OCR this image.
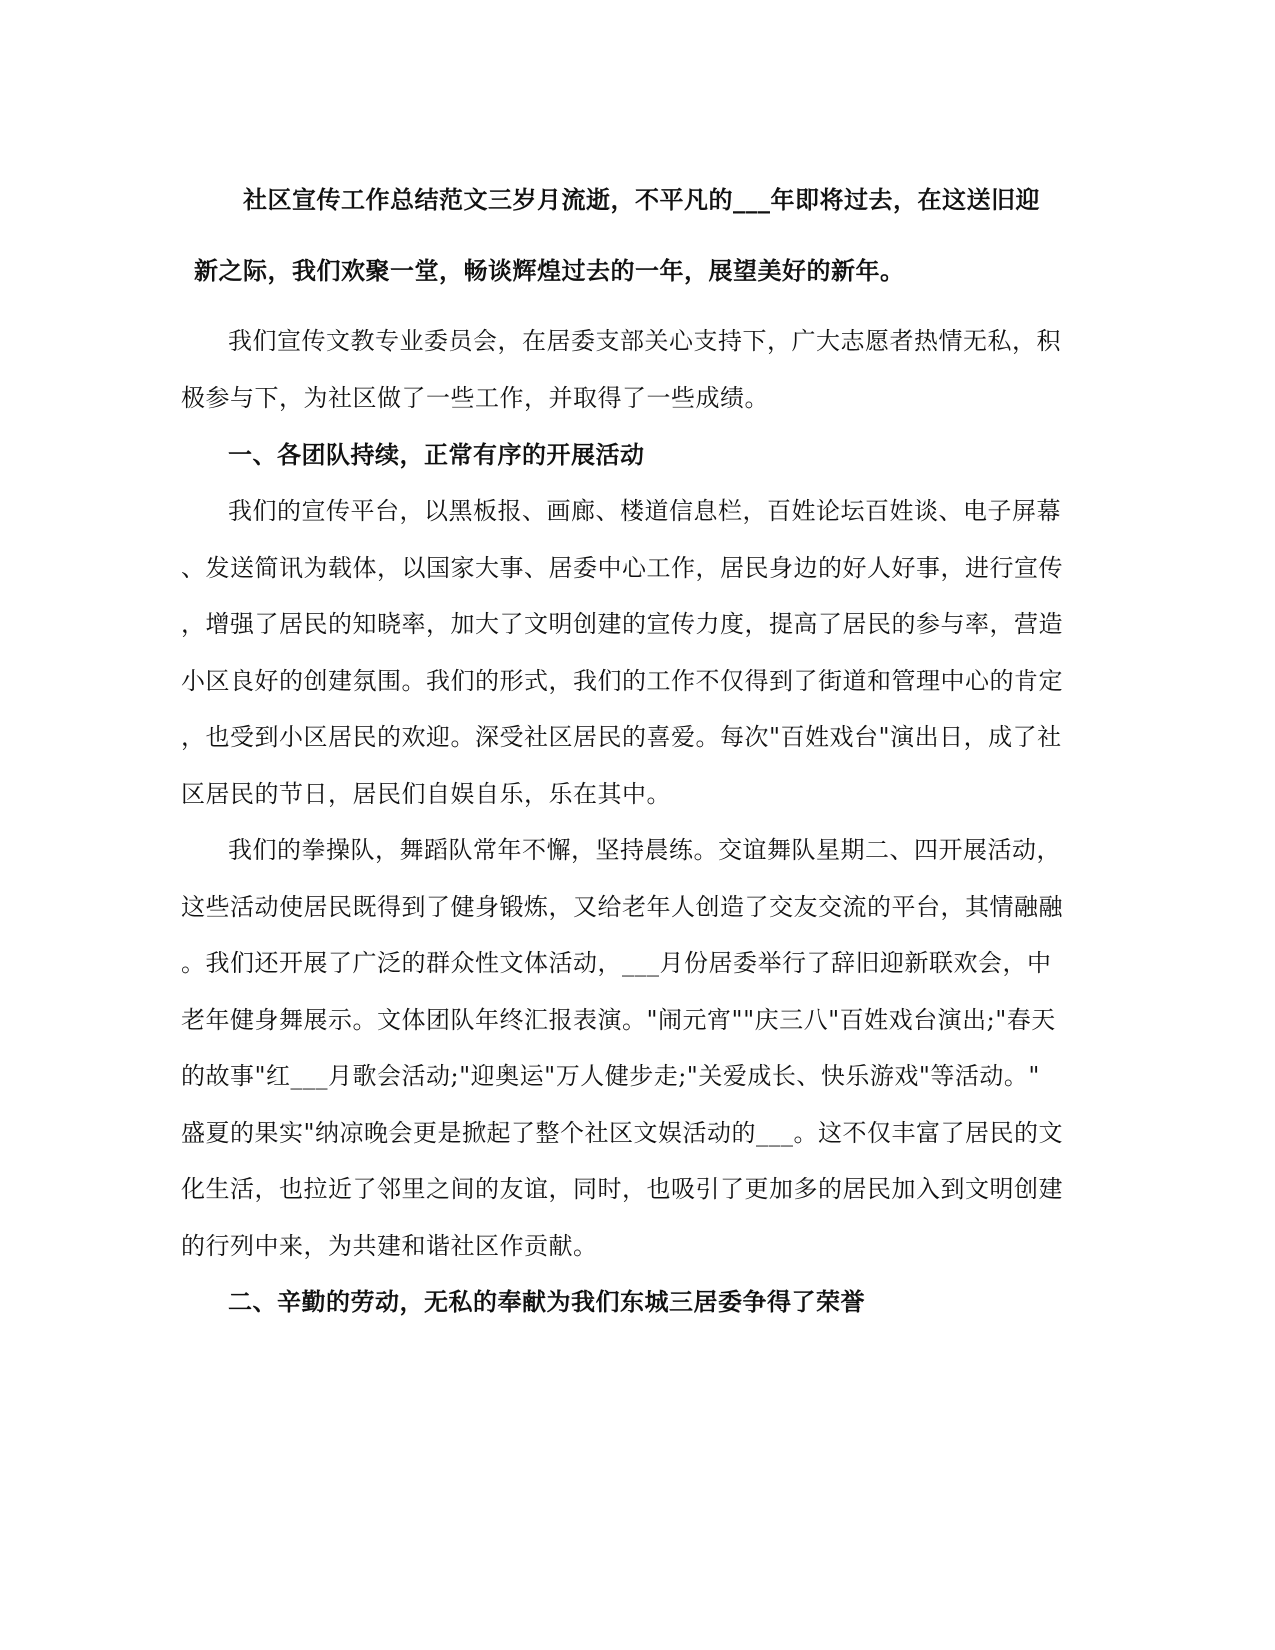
社区宣传工作总结范文三岁月流逝，不平凡的___年即将过去，在这送旧迎
新之际，我们欢聚一堂，畅谈辉煌过去的一年，展望美好的新年。
我们宣传文教专业委员会，在居委支部关心支持下，广大志愿者热情无私，积
极参与下，为社区做了一些工作，并取得了一些成绩。
一、各团队持续，正常有序的开展活动
我们的宣传平台，以黑板报、画廊、楼道信息栏，百姓论坛百姓谈、电子屏幕
、发送简讯为载体，以国家大事、居委中心工作，居民身边的好人好事，进行宣传
，增强了居民的知晓率，加大了文明创建的宣传力度，提高了居民的参与率，营造
小区良好的创建氛围。我们的形式，我们的工作不仅得到了街道和管理中心的肯定
，也受到小区居民的欢迎。深受社区居民的喜爱。每次"百姓戏台"演出日，成了社
区居民的节日，居民们自娱自乐，乐在其中。
我们的拳操队，舞蹈队常年不懈，坚持晨练。交谊舞队星期二、四开展活动，
这些活动使居民既得到了健身锻炼，又给老年人创造了交友交流的平台，其情融融
。我们还开展了广泛的群众性文体活动，___月份居委举行了辞旧迎新联欢会，中
老年健身舞展示。文体团队年终汇报表演。"闹元宵""庆三八"百姓戏台演出;"春天
的故事"红___月歌会活动;"迎奥运"万人健步走;"关爱成长、快乐游戏"等活动。"
盛夏的果实"纳凉晚会更是掀起了整个社区文娱活动的___。这不仅丰富了居民的文
化生活，也拉近了邻里之间的友谊，同时，也吸引了更加多的居民加入到文明创建
的行列中来，为共建和谐社区作贡献。
二、辛勤的劳动，无私的奉献为我们东城三居委争得了荣誉
